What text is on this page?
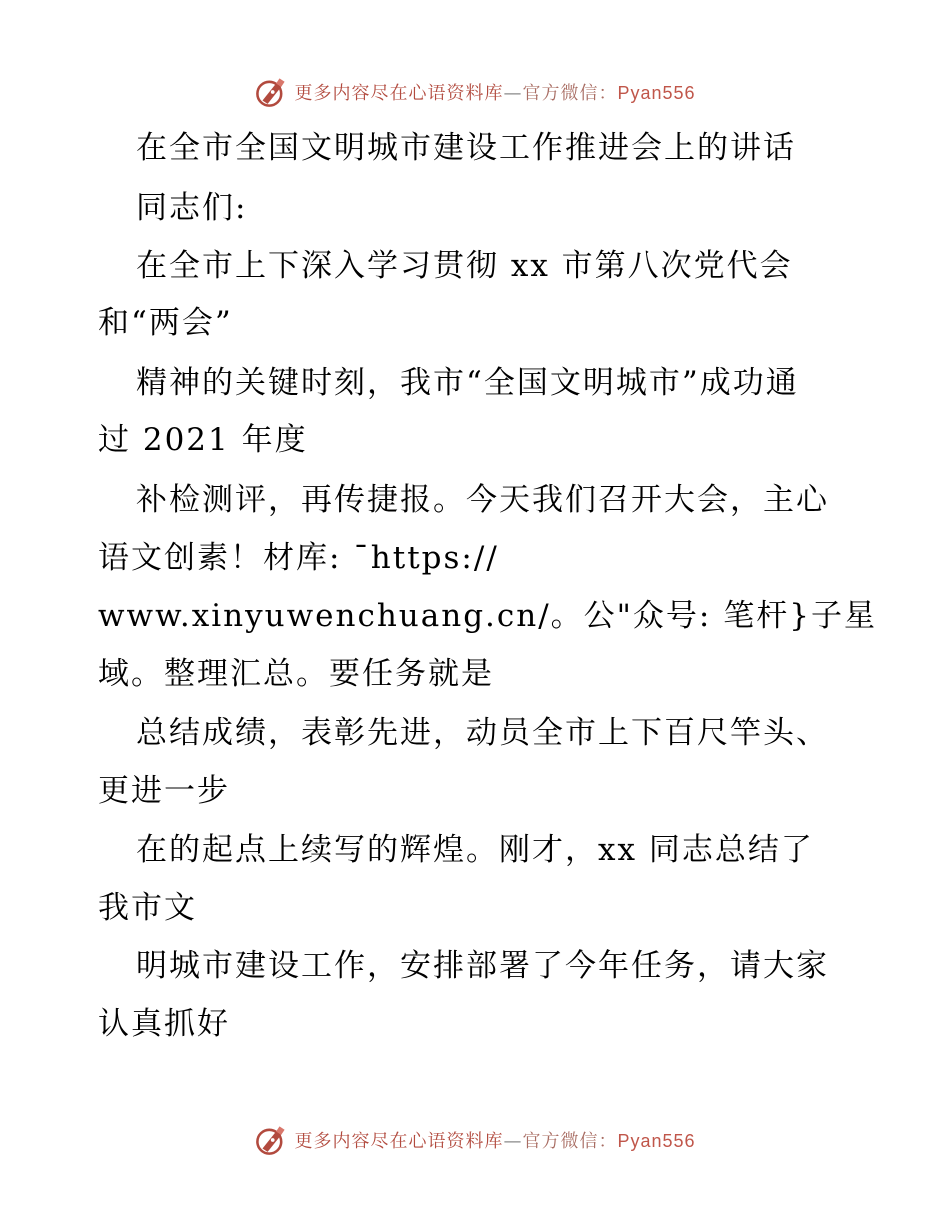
更多内容尽在心语资料库—官方微信：Pyan556
在全市全国文明城市建设工作推进会上的讲话
同志们:
在全市上下深入学习贯彻 xx 市第八次党代会
和“两会”
精神的关键时刻，我市“全国文明城市”成功通
过 2021 年度
补检测评，再传捷报。今天我们召开大会，主心
语文创素！材库: ¯https://
www.xinyuwenchuang.cn/。公"众号: 笔杆}子星
域。整理汇总。要任务就是
总结成绩，表彰先进，动员全市上下百尺竿头、
更进一步
在的起点上续写的辉煌。刚才，xx 同志总结了
我市文
明城市建设工作，安排部署了今年任务，请大家
认真抓好
更多内容尽在心语资料库—官方微信：Pyan556
